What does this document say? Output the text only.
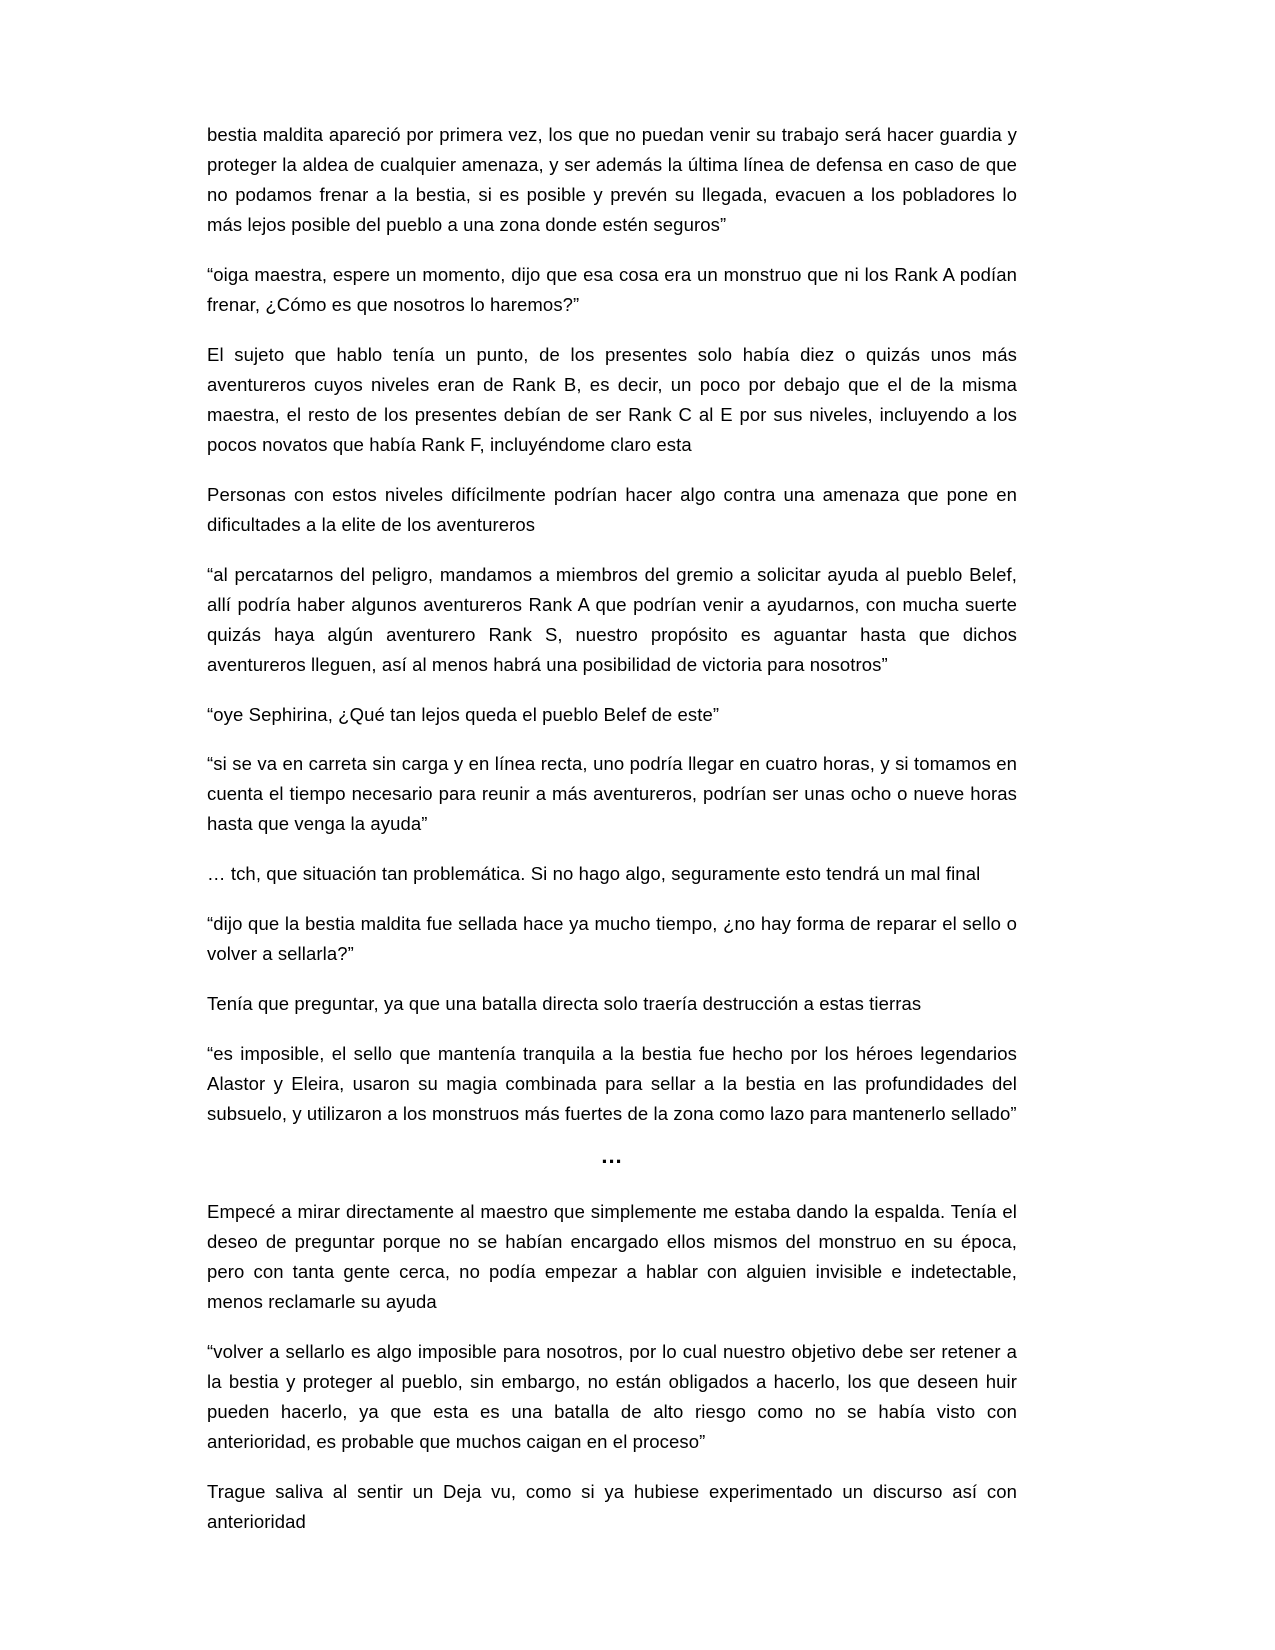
bestia maldita apareció por primera vez, los que no puedan venir su trabajo será hacer guardia y proteger la aldea de cualquier amenaza, y ser además la última línea de defensa en caso de que no podamos frenar a la bestia, si es posible y prevén su llegada, evacuen a los pobladores lo más lejos posible del pueblo a una zona donde estén seguros”

“oiga maestra, espere un momento, dijo que esa cosa era un monstruo que ni los Rank A podían frenar, ¿Cómo es que nosotros lo haremos?”

El sujeto que hablo tenía un punto, de los presentes solo había diez o quizás unos más aventureros cuyos niveles eran de Rank B, es decir, un poco por debajo que el de la misma maestra, el resto de los presentes debían de ser Rank C al E por sus niveles, incluyendo a los pocos novatos que había Rank F, incluyéndome claro esta

Personas con estos niveles difícilmente podrían hacer algo contra una amenaza que pone en dificultades a la elite de los aventureros

“al percatarnos del peligro, mandamos a miembros del gremio a solicitar ayuda al pueblo Belef, allí podría haber algunos aventureros Rank A que podrían venir a ayudarnos, con mucha suerte quizás haya algún aventurero Rank S, nuestro propósito es aguantar hasta que dichos aventureros lleguen, así al menos habrá una posibilidad de victoria para nosotros”

“oye Sephirina, ¿Qué tan lejos queda el pueblo Belef de este”

“si se va en carreta sin carga y en línea recta, uno podría llegar en cuatro horas, y si tomamos en cuenta el tiempo necesario para reunir a más aventureros, podrían ser unas ocho o nueve horas hasta que venga la ayuda”

… tch, que situación tan problemática. Si no hago algo, seguramente esto tendrá un mal final

“dijo que la bestia maldita fue sellada hace ya mucho tiempo, ¿no hay forma de reparar el sello o volver a sellarla?”

Tenía que preguntar, ya que una batalla directa solo traería destrucción a estas tierras

“es imposible, el sello que mantenía tranquila a la bestia fue hecho por los héroes legendarios Alastor y Eleira, usaron su magia combinada para sellar a la bestia en las profundidades del subsuelo, y utilizaron a los monstruos más fuertes de la zona como lazo para mantenerlo sellado”

...

Empecé a mirar directamente al maestro que simplemente me estaba dando la espalda. Tenía el deseo de preguntar porque no se habían encargado ellos mismos del monstruo en su época, pero con tanta gente cerca, no podía empezar a hablar con alguien invisible e indetectable, menos reclamarle su ayuda

“volver a sellarlo es algo imposible para nosotros, por lo cual nuestro objetivo debe ser retener a la bestia y proteger al pueblo, sin embargo, no están obligados a hacerlo, los que deseen huir pueden hacerlo, ya que esta es una batalla de alto riesgo como no se había visto con anterioridad, es probable que muchos caigan en el proceso”

Trague saliva al sentir un Deja vu, como si ya hubiese experimentado un discurso así con anterioridad
